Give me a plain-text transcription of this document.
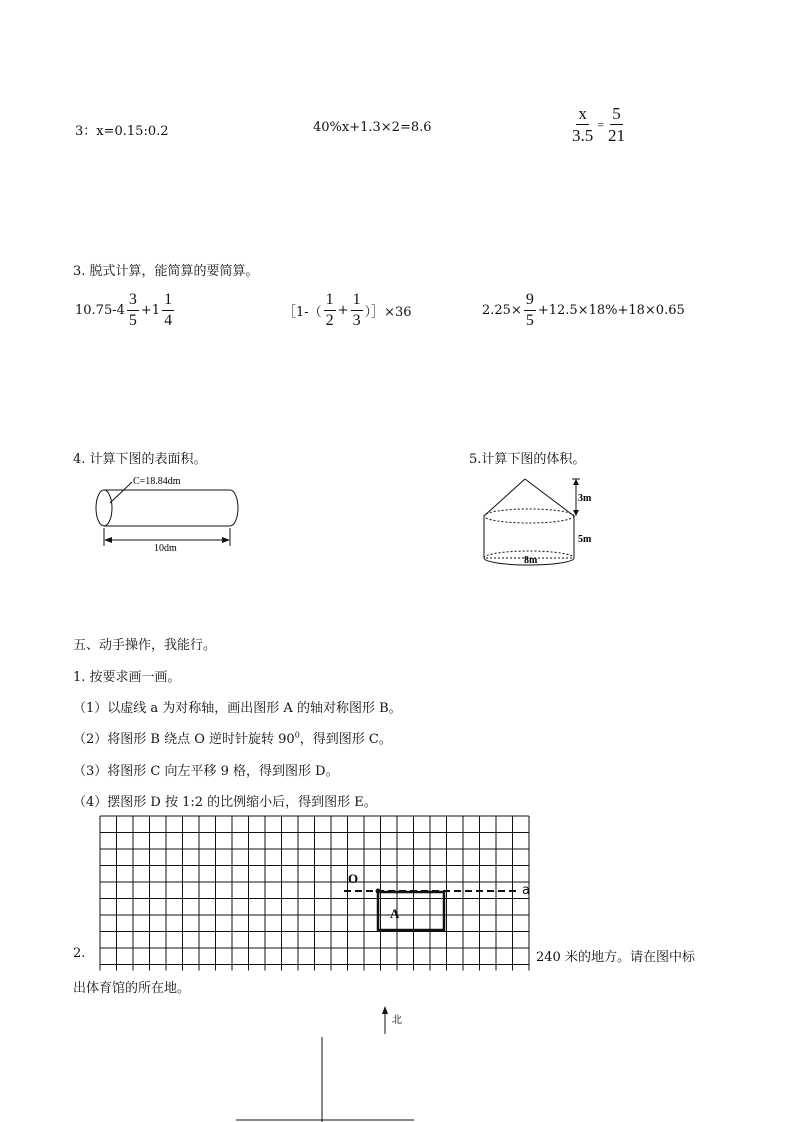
3：x=0.15:0.2	40%x+1.3×2=8.6	$\frac{x}{3.5} = \frac{5}{21}$
3. 脱式计算，能简算的要简算。
$10.75-4 \frac{3}{5} +1 \frac{1}{4}$	［1-（ $\frac{1}{2} + \frac{1}{3}$ ）］×36	$2.25\times \frac{9}{5} +12.5\times 18\%+18\times 0.65$
4. 计算下图的表面积。	5.计算下图的体积。
C=18.84dm
10dm
8m
3m
5m
五、动手操作，我能行。
1. 按要求画一画。
（1）以虚线 a 为对称轴，画出图形 A 的轴对称图形 B。
（2）将图形 B 绕点 O 逆时针旋转 $90^0$，得到图形 C。
（3）将图形 C 向左平移 9 格，得到图形 D。
（4）摆图形 D 按 1:2 的比例缩小后，得到图形 E。
A
O
a
2.	240 米的地方。请在图中标
出体育馆的所在地。
北
